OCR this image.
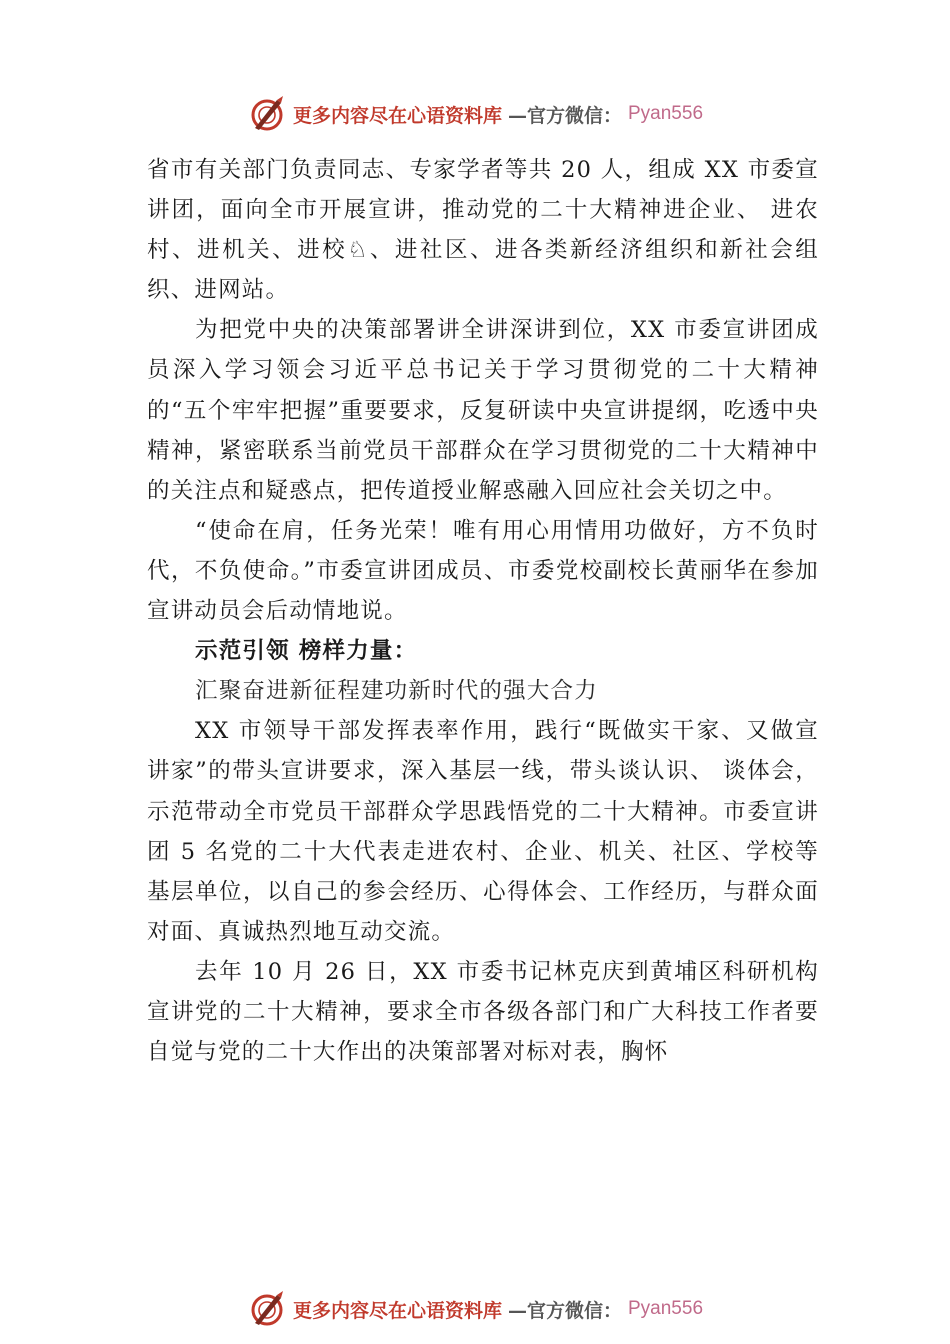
更多内容尽在心语资料库 —官方微信： Pyan556

省市有关部门负责同志、专家学者等共 20 人，组成 XX 市委宣讲团，面向全市开展宣讲，推动党的二十大精神进企业、 进农村、进机关、进校♘、进社区、进各类新经济组织和新社会组织、进网站。

为把党中央的决策部署讲全讲深讲到位，XX 市委宣讲团成员深入学习领会习近平总书记关于学习贯彻党的二十大精神的“五个牢牢把握”重要要求，反复研读中央宣讲提纲，吃透中央精神，紧密联系当前党员干部群众在学习贯彻党的二十大精神中的关注点和疑惑点，把传道授业解惑融入回应社会关切之中。

“使命在肩，任务光荣！唯有用心用情用功做好，方不负时代，不负使命。”市委宣讲团成员、市委党校副校长黄丽华在参加宣讲动员会后动情地说。

示范引领 榜样力量：

汇聚奋进新征程建功新时代的强大合力

XX 市领导干部发挥表率作用，践行“既做实干家、又做宣讲家”的带头宣讲要求，深入基层一线，带头谈认识、 谈体会，示范带动全市党员干部群众学思践悟党的二十大精神。市委宣讲团 5 名党的二十大代表走进农村、企业、机关、社区、学校等基层单位，以自己的参会经历、心得体会、工作经历，与群众面对面、真诚热烈地互动交流。

去年 10 月 26 日，XX 市委书记林克庆到黄埔区科研机构宣讲党的二十大精神，要求全市各级各部门和广大科技工作者要自觉与党的二十大作出的决策部署对标对表，胸怀

更多内容尽在心语资料库 —官方微信： Pyan556
